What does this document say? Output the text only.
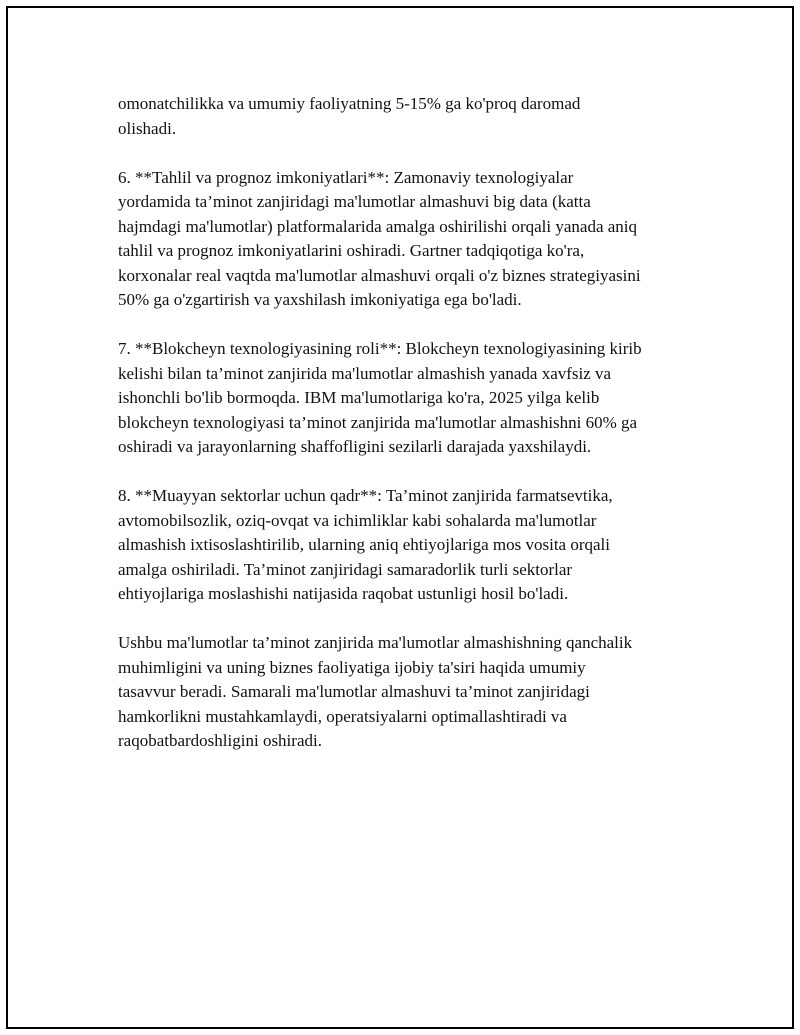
omonatchilikka va umumiy faoliyatning 5-15% ga ko'proq daromad
olishadi.
6. **Tahlil va prognoz imkoniyatlari**: Zamonaviy texnologiyalar
yordamida ta’minot zanjiridagi ma'lumotlar almashuvi big data (katta
hajmdagi ma'lumotlar) platformalarida amalga oshirilishi orqali yanada aniq
tahlil va prognoz imkoniyatlarini oshiradi. Gartner tadqiqotiga ko'ra,
korxonalar real vaqtda ma'lumotlar almashuvi orqali o'z biznes strategiyasini
50% ga o'zgartirish va yaxshilash imkoniyatiga ega bo'ladi.
7. **Blokcheyn texnologiyasining roli**: Blokcheyn texnologiyasining kirib
kelishi bilan ta’minot zanjirida ma'lumotlar almashish yanada xavfsiz va
ishonchli bo'lib bormoqda. IBM ma'lumotlariga ko'ra, 2025 yilga kelib
blokcheyn texnologiyasi ta’minot zanjirida ma'lumotlar almashishni 60% ga
oshiradi va jarayonlarning shaffofligini sezilarli darajada yaxshilaydi.
8. **Muayyan sektorlar uchun qadr**: Ta’minot zanjirida farmatsevtika,
avtomobilsozlik, oziq-ovqat va ichimliklar kabi sohalarda ma'lumotlar
almashish ixtisoslashtirilib, ularning aniq ehtiyojlariga mos vosita orqali
amalga oshiriladi. Ta’minot zanjiridagi samaradorlik turli sektorlar
ehtiyojlariga moslashishi natijasida raqobat ustunligi hosil bo'ladi.
Ushbu ma'lumotlar ta’minot zanjirida ma'lumotlar almashishning qanchalik
muhimligini va uning biznes faoliyatiga ijobiy ta'siri haqida umumiy
tasavvur beradi. Samarali ma'lumotlar almashuvi ta’minot zanjiridagi
hamkorlikni mustahkamlaydi, operatsiyalarni optimallashtiradi va
raqobatbardoshligini oshiradi.
